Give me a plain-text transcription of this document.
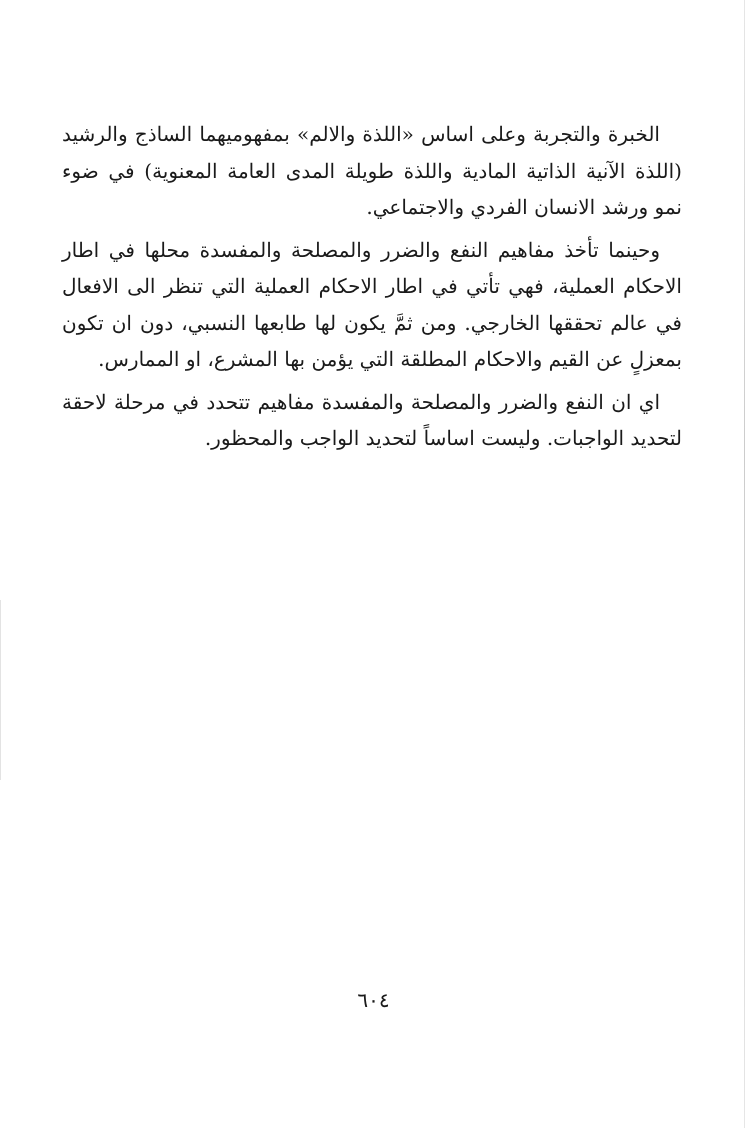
الخبرة والتجربة وعلى اساس «اللذة والالم» بمفهوميهما الساذج والرشيد (اللذة الآنية الذاتية المادية واللذة طويلة المدى العامة المعنوية) في ضوء نمو ورشد الانسان الفردي والاجتماعي.

وحينما تأخذ مفاهيم النفع والضرر والمصلحة والمفسدة محلها في اطار الاحكام العملية، فهي تأتي في اطار الاحكام العملية التي تنظر الى الافعال في عالم تحققها الخارجي. ومن ثمَّ يكون لها طابعها النسبي، دون ان تكون بمعزلٍ عن القيم والاحكام المطلقة التي يؤمن بها المشرع، او الممارس.

اي ان النفع والضرر والمصلحة والمفسدة مفاهيم تتحدد في مرحلة لاحقة لتحديد الواجبات. وليست اساساً لتحديد الواجب والمحظور.

٦٠٤
